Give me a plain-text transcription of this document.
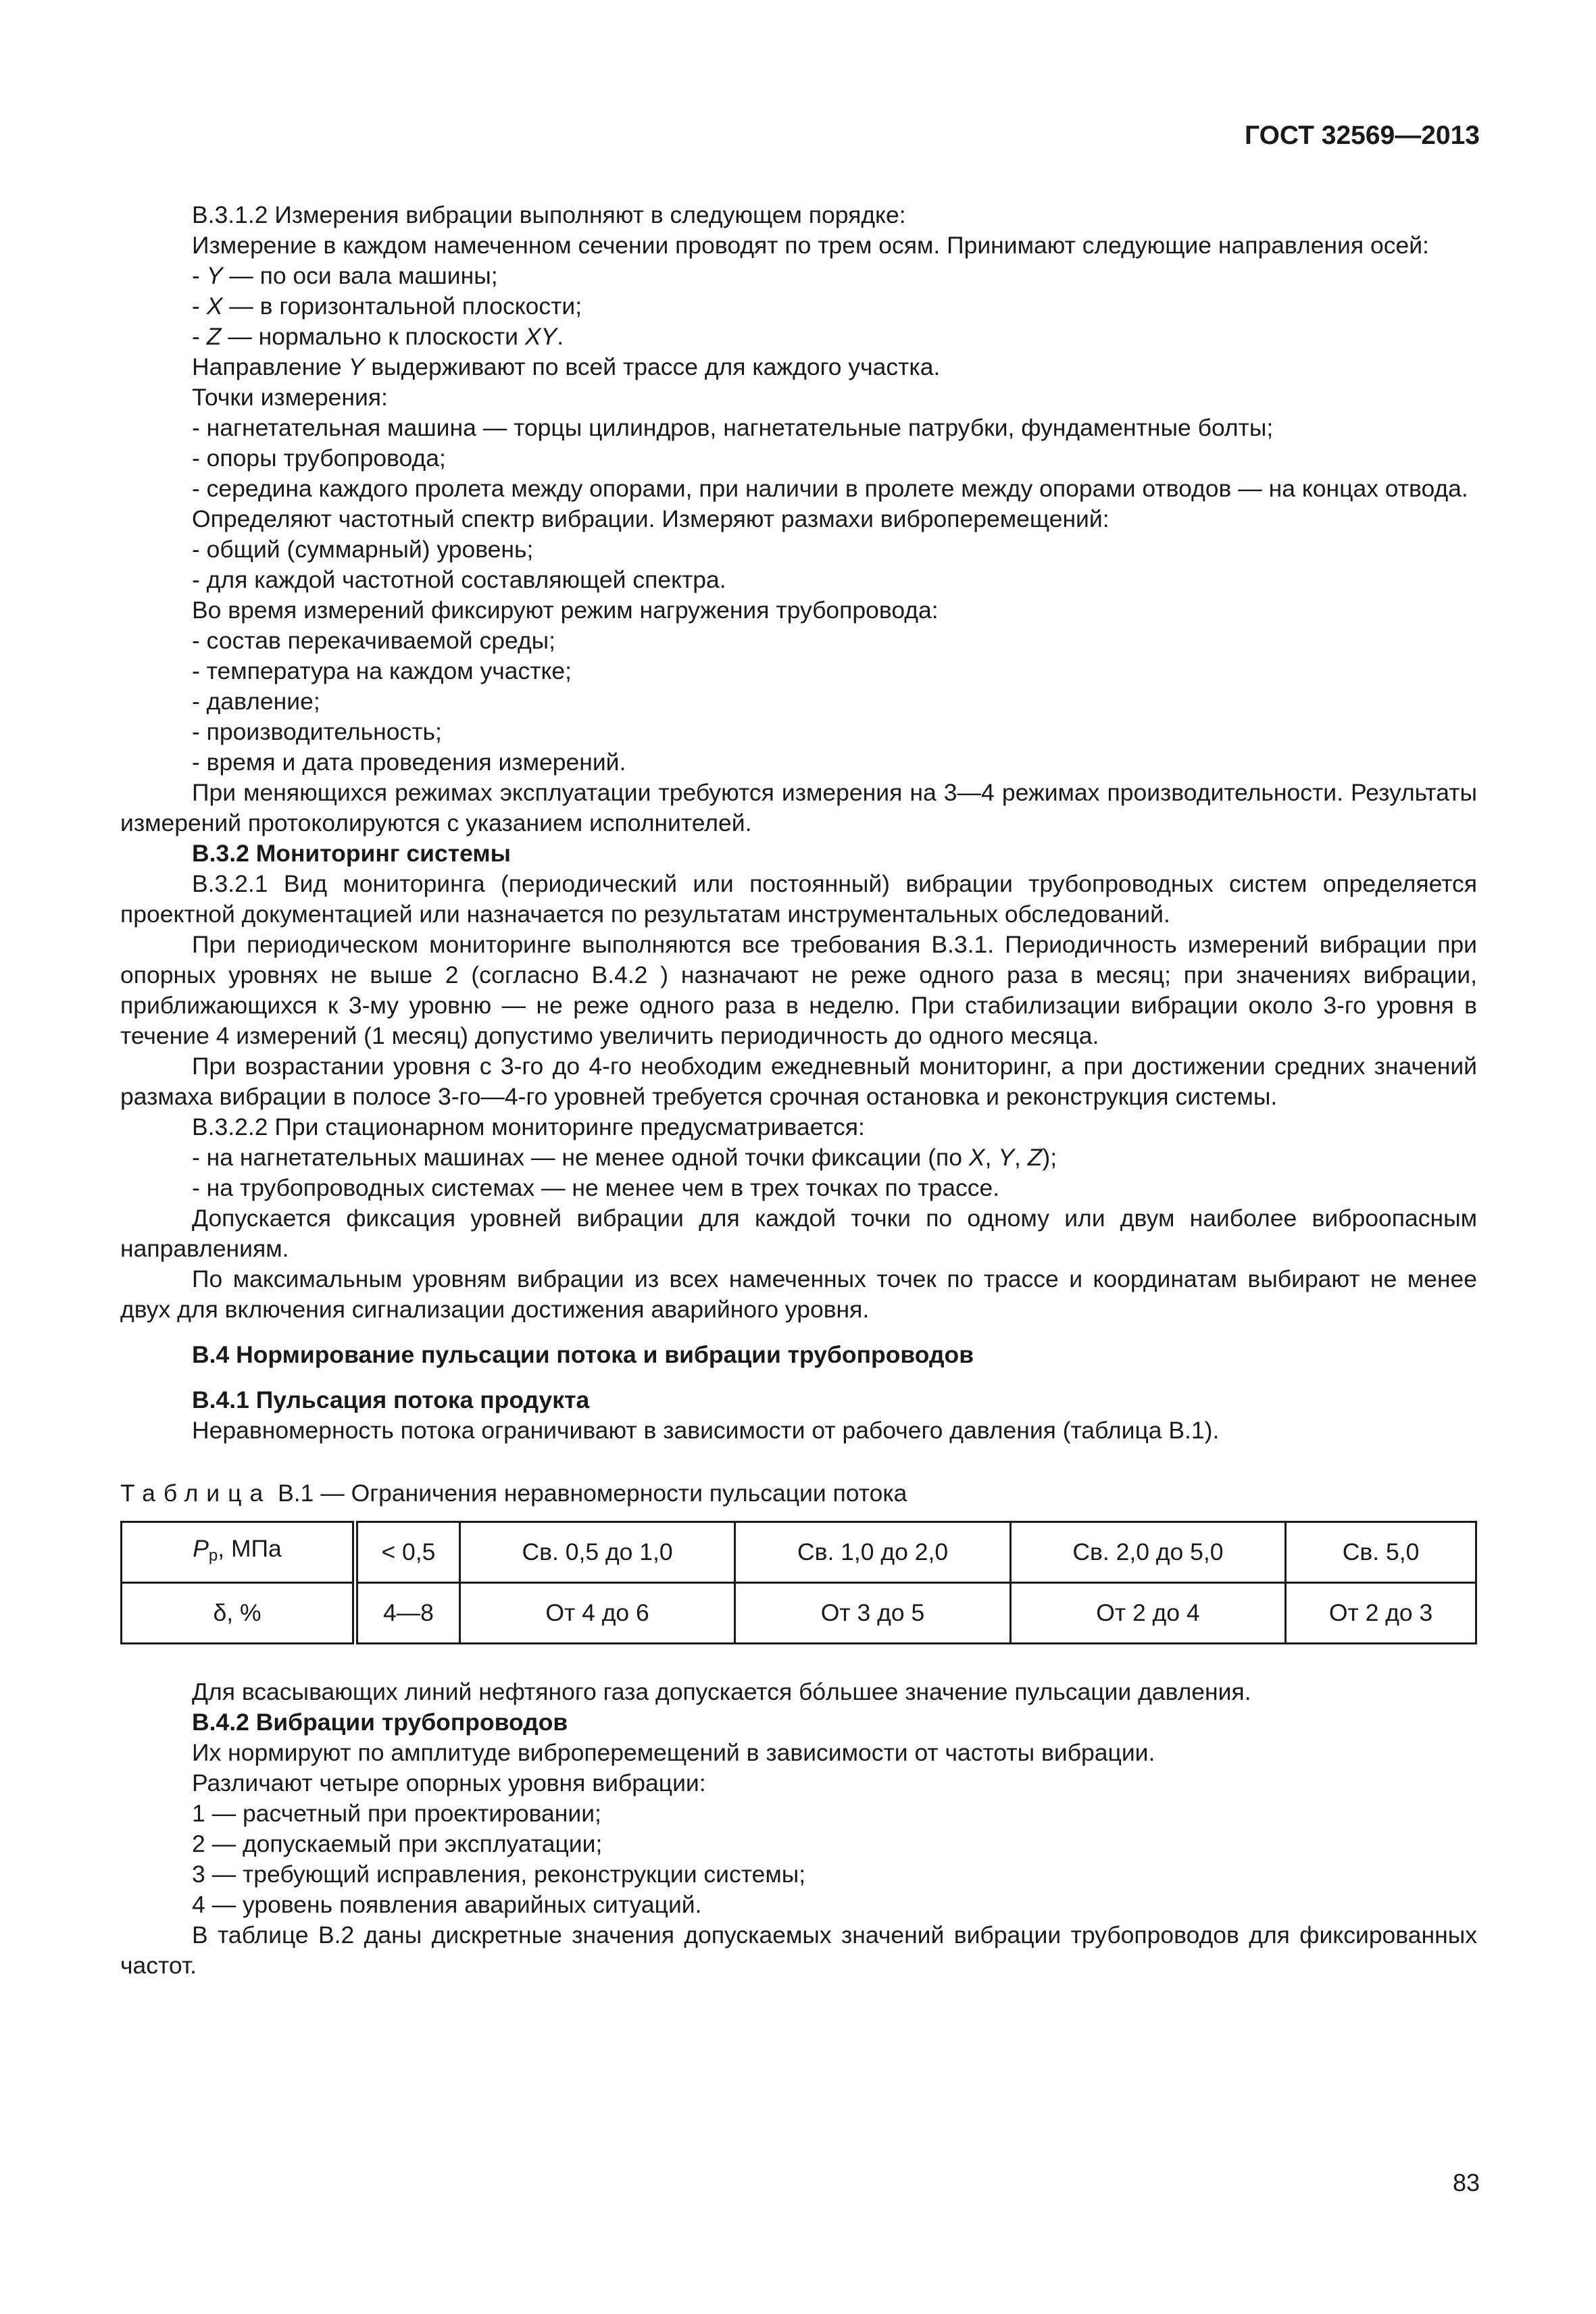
ГОСТ 32569—2013

В.3.1.2 Измерения вибрации выполняют в следующем порядке:

Измерение в каждом намеченном сечении проводят по трем осям. Принимают следующие направления осей:

- Y — по оси вала машины;

- X — в горизонтальной плоскости;

- Z — нормально к плоскости XY.

Направление Y выдерживают по всей трассе для каждого участка.

Точки измерения:

- нагнетательная машина — торцы цилиндров, нагнетательные патрубки, фундаментные болты;

- опоры трубопровода;

- середина каждого пролета между опорами, при наличии в пролете между опорами отводов — на концах отвода.

Определяют частотный спектр вибрации. Измеряют размахи виброперемещений:

- общий (суммарный) уровень;

- для каждой частотной составляющей спектра.

Во время измерений фиксируют режим нагружения трубопровода:

- состав перекачиваемой среды;

- температура на каждом участке;

- давление;

- производительность;

- время и дата проведения измерений.

При меняющихся режимах эксплуатации требуются измерения на 3—4 режимах производительности. Результаты измерений протоколируются с указанием исполнителей.

В.3.2 Мониторинг системы

В.3.2.1 Вид мониторинга (периодический или постоянный) вибрации трубопроводных систем определяется проектной документацией или назначается по результатам инструментальных обследований.

При периодическом мониторинге выполняются все требования В.3.1. Периодичность измерений вибрации при опорных уровнях не выше 2 (согласно В.4.2 ) назначают не реже одного раза в месяц; при значениях вибрации, приближающихся к 3-му уровню — не реже одного раза в неделю. При стабилизации вибрации около 3-го уровня в течение 4 измерений (1 месяц) допустимо увеличить периодичность до одного месяца.

При возрастании уровня с 3-го до 4-го необходим ежедневный мониторинг, а при достижении средних значений размаха вибрации в полосе 3-го—4-го уровней требуется срочная остановка и реконструкция системы.

В.3.2.2 При стационарном мониторинге предусматривается:

- на нагнетательных машинах — не менее одной точки фиксации (по X, Y, Z);

- на трубопроводных системах — не менее чем в трех точках по трассе.

Допускается фиксация уровней вибрации для каждой точки по одному или двум наиболее виброопасным направлениям.

По максимальным уровням вибрации из всех намеченных точек по трассе и координатам выбирают не менее двух для включения сигнализации достижения аварийного уровня.

В.4 Нормирование пульсации потока и вибрации трубопроводов

В.4.1 Пульсация потока продукта

Неравномерность потока ограничивают в зависимости от рабочего давления (таблица В.1).

Таблица В.1 — Ограничения неравномерности пульсации потока

$P_р$, МПа	< 0,5	Св. 0,5 до 1,0	Св. 1,0 до 2,0	Св. 2,0 до 5,0	Св. 5,0
δ, %	4—8	От 4 до 6	От 3 до 5	От 2 до 4	От 2 до 3

Для всасывающих линий нефтяного газа допускается бóльшее значение пульсации давления.

В.4.2 Вибрации трубопроводов

Их нормируют по амплитуде виброперемещений в зависимости от частоты вибрации.

Различают четыре опорных уровня вибрации:

1 — расчетный при проектировании;

2 — допускаемый при эксплуатации;

3 — требующий исправления, реконструкции системы;

4 — уровень появления аварийных ситуаций.

В таблице В.2 даны дискретные значения допускаемых значений вибрации трубопроводов для фиксированных частот.

83
